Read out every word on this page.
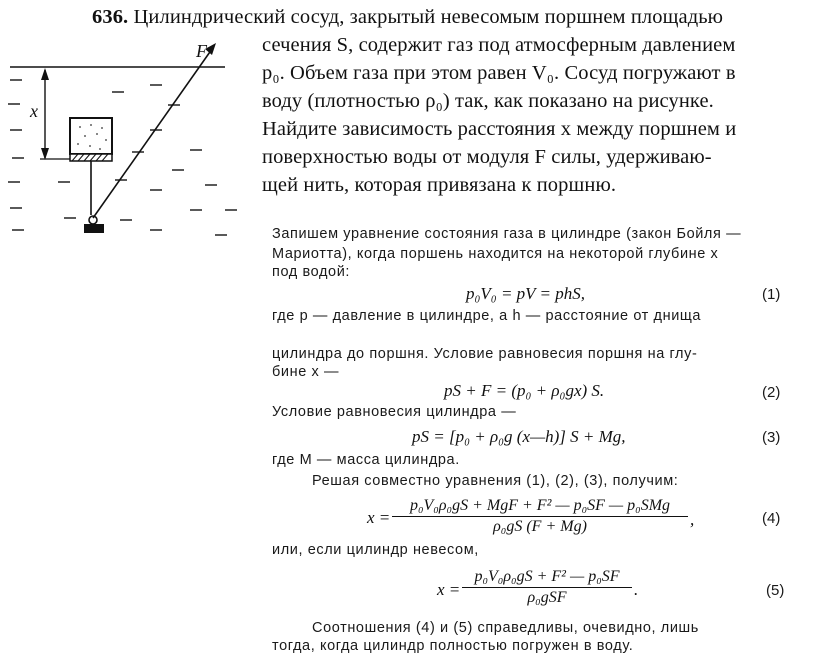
636. Цилиндрический сосуд, закрытый невесомым поршнем площадью
сечения S, содержит газ под атмосферным давлением
p₀. Объем газа при этом равен V₀. Сосуд погружают в
воду (плотностью ρ₀) так, как показано на рисунке.
Найдите зависимость расстояния x между поршнем и
поверхностью воды от модуля F силы, удерживаю-
щей нить, которая привязана к поршню.
x
F
Запишем уравнение состояния газа в цилиндре (закон Бойля —
Мариотта), когда поршень находится на некоторой глубине x
под водой:
p₀V₀ = pV = phS,	(1)
где p — давление в цилиндре, а h — расстояние от днища
цилиндра до поршня. Условие равновесия поршня на глу-
бине x —
pS + F = (p₀ + ρ₀gx) S.	(2)
Условие равновесия цилиндра —
pS = [p₀ + ρ₀g (x—h)] S + Mg,	(3)
где M — масса цилиндра.
Решая совместно уравнения (1), (2), (3), получим:
x =
p₀V₀ρ₀gS + MgF + F² — p₀SF — p₀SMg
ρ₀gS (F + Mg)	,	(4)
или, если цилиндр невесом,
x =
p₀V₀ρ₀gS + F² — p₀SF
ρ₀gSF	.	(5)
Соотношения (4) и (5) справедливы, очевидно, лишь
тогда, когда цилиндр полностью погружен в воду.
